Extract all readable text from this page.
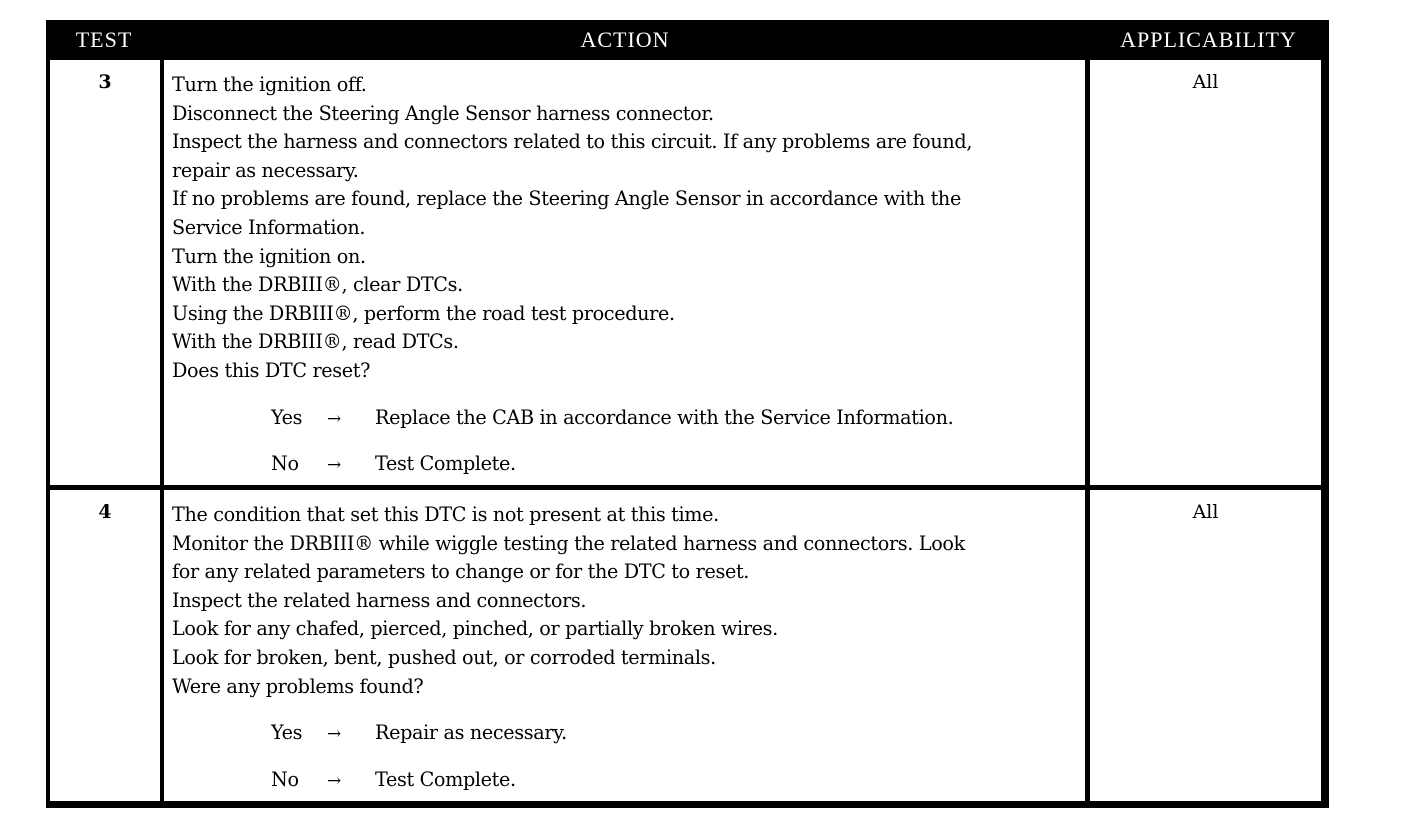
TEST	ACTION	APPLICABILITY
3	Turn the ignition off.
Disconnect the Steering Angle Sensor harness connector.
Inspect the harness and connectors related to this circuit. If any problems are found,
repair as necessary.
If no problems are found, replace the Steering Angle Sensor in accordance with the
Service Information.
Turn the ignition on.
With the DRBIII®, clear DTCs.
Using the DRBIII®, perform the road test procedure.
With the DRBIII®, read DTCs.
Does this DTC reset?
Yes	→	Replace the CAB in accordance with the Service Information.
No	→	Test Complete.
All
4	The condition that set this DTC is not present at this time.
Monitor the DRBIII® while wiggle testing the related harness and connectors. Look
for any related parameters to change or for the DTC to reset.
Inspect the related harness and connectors.
Look for any chafed, pierced, pinched, or partially broken wires.
Look for broken, bent, pushed out, or corroded terminals.
Were any problems found?
Yes	→	Repair as necessary.
No	→	Test Complete.
All
